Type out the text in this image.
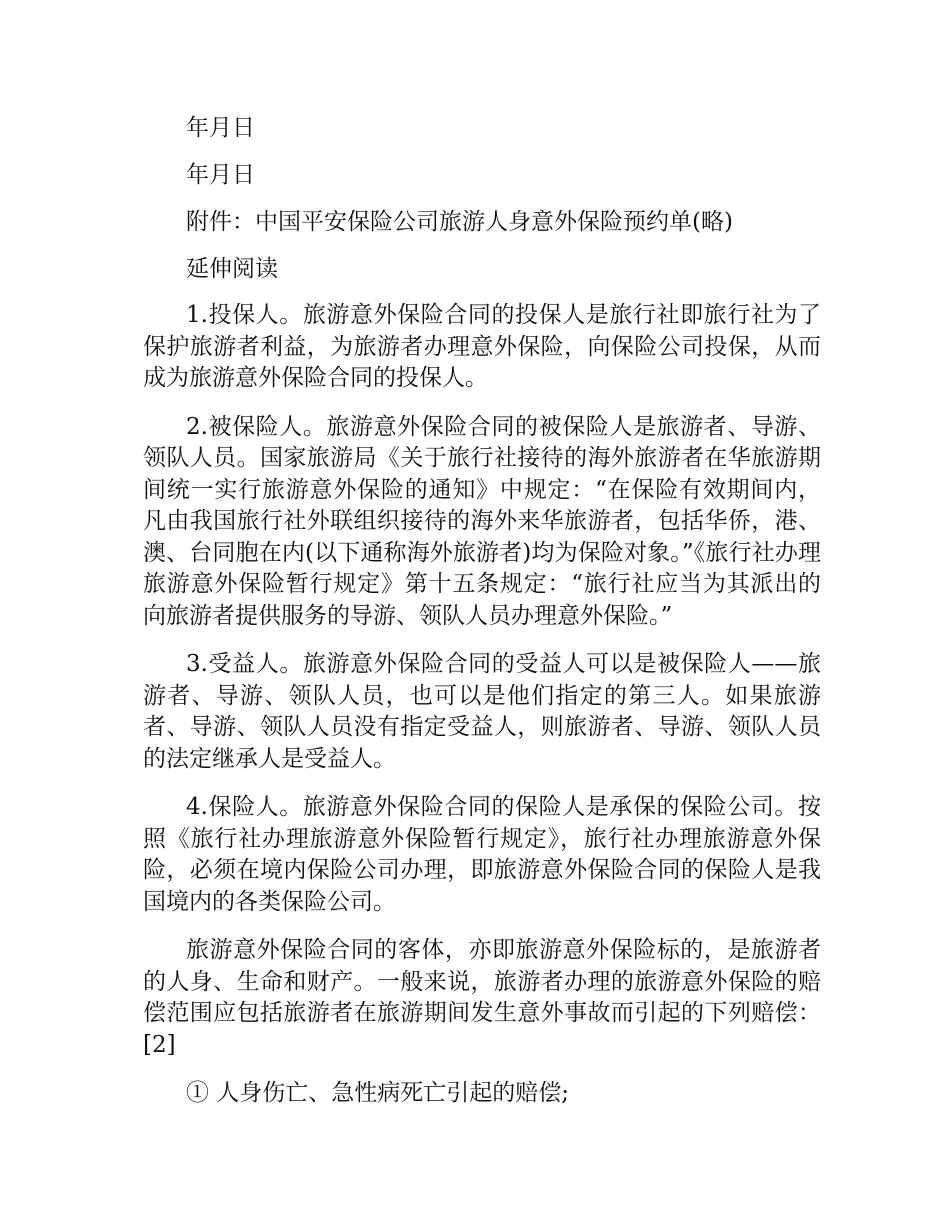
年月日

年月日

附件：中国平安保险公司旅游人身意外保险预约单(略)

延伸阅读

1.投保人。旅游意外保险合同的投保人是旅行社即旅行社为了保护旅游者利益，为旅游者办理意外保险，向保险公司投保，从而成为旅游意外保险合同的投保人。

2.被保险人。旅游意外保险合同的被保险人是旅游者、导游、领队人员。国家旅游局《关于旅行社接待的海外旅游者在华旅游期间统一实行旅游意外保险的通知》中规定：“在保险有效期间内，凡由我国旅行社外联组织接待的海外来华旅游者，包括华侨，港、澳、台同胞在内(以下通称海外旅游者)均为保险对象。”《旅行社办理旅游意外保险暂行规定》第十五条规定：“旅行社应当为其派出的向旅游者提供服务的导游、领队人员办理意外保险。”

3.受益人。旅游意外保险合同的受益人可以是被保险人——旅游者、导游、领队人员，也可以是他们指定的第三人。如果旅游者、导游、领队人员没有指定受益人，则旅游者、导游、领队人员的法定继承人是受益人。

4.保险人。旅游意外保险合同的保险人是承保的保险公司。按照《旅行社办理旅游意外保险暂行规定》，旅行社办理旅游意外保险，必须在境内保险公司办理，即旅游意外保险合同的保险人是我国境内的各类保险公司。

旅游意外保险合同的客体，亦即旅游意外保险标的，是旅游者的人身、生命和财产。一般来说，旅游者办理的旅游意外保险的赔偿范围应包括旅游者在旅游期间发生意外事故而引起的下列赔偿：[2]

① 人身伤亡、急性病死亡引起的赔偿;
